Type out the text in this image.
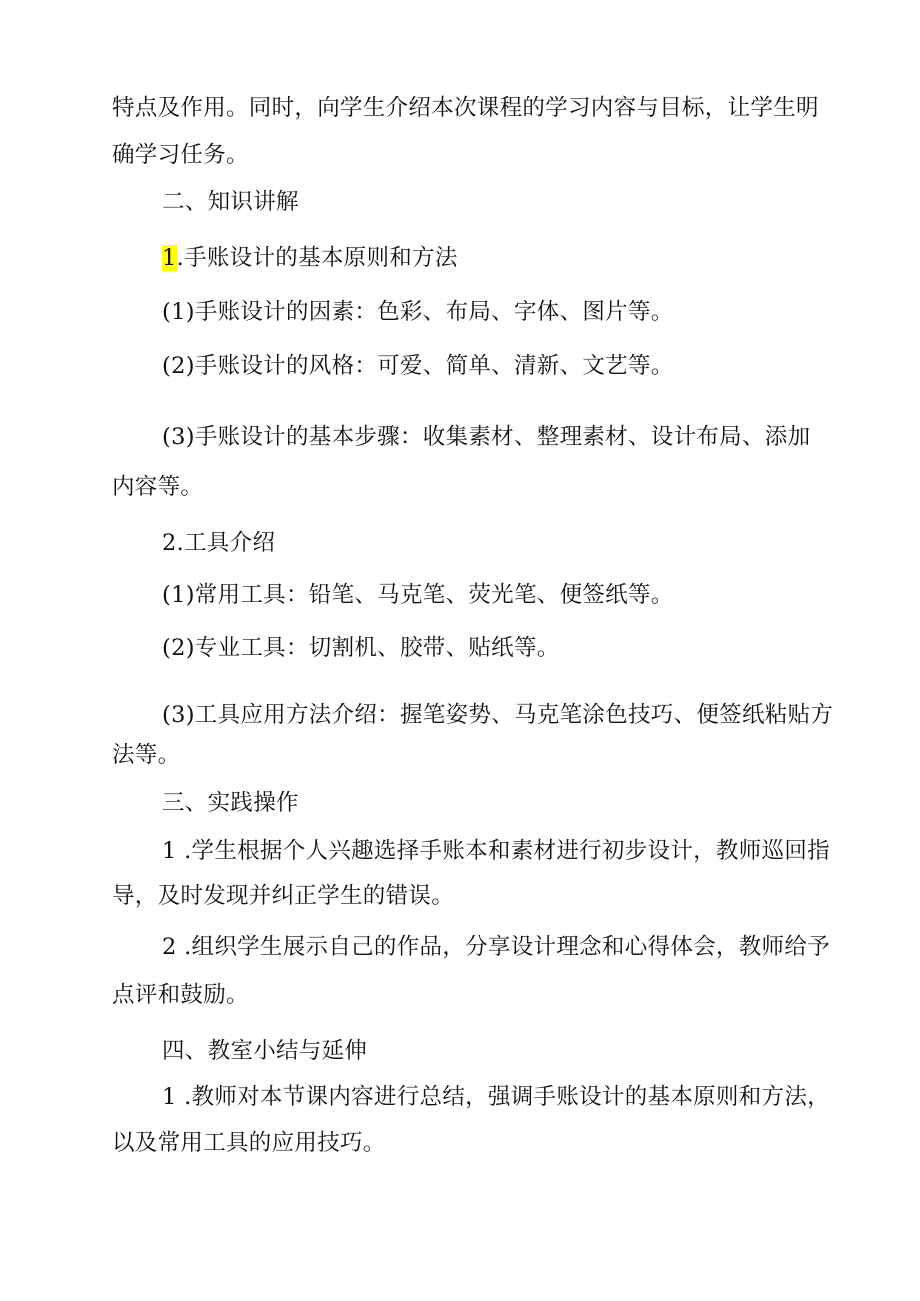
特点及作用。同时，向学生介绍本次课程的学习内容与目标，让学生明
确学习任务。
二、知识讲解
1.手账设计的基本原则和方法
(1)手账设计的因素：色彩、布局、字体、图片等。
(2)手账设计的风格：可爱、简单、清新、文艺等。
(3)手账设计的基本步骤：收集素材、整理素材、设计布局、添加
内容等。
2.工具介绍
(1)常用工具：铅笔、马克笔、荧光笔、便签纸等。
(2)专业工具：切割机、胶带、贴纸等。
(3)工具应用方法介绍：握笔姿势、马克笔涂色技巧、便签纸粘贴方
法等。
三、实践操作
1 .学生根据个人兴趣选择手账本和素材进行初步设计，教师巡回指
导，及时发现并纠正学生的错误。
2 .组织学生展示自己的作品，分享设计理念和心得体会，教师给予
点评和鼓励。
四、教室小结与延伸
1 .教师对本节课内容进行总结，强调手账设计的基本原则和方法，
以及常用工具的应用技巧。
